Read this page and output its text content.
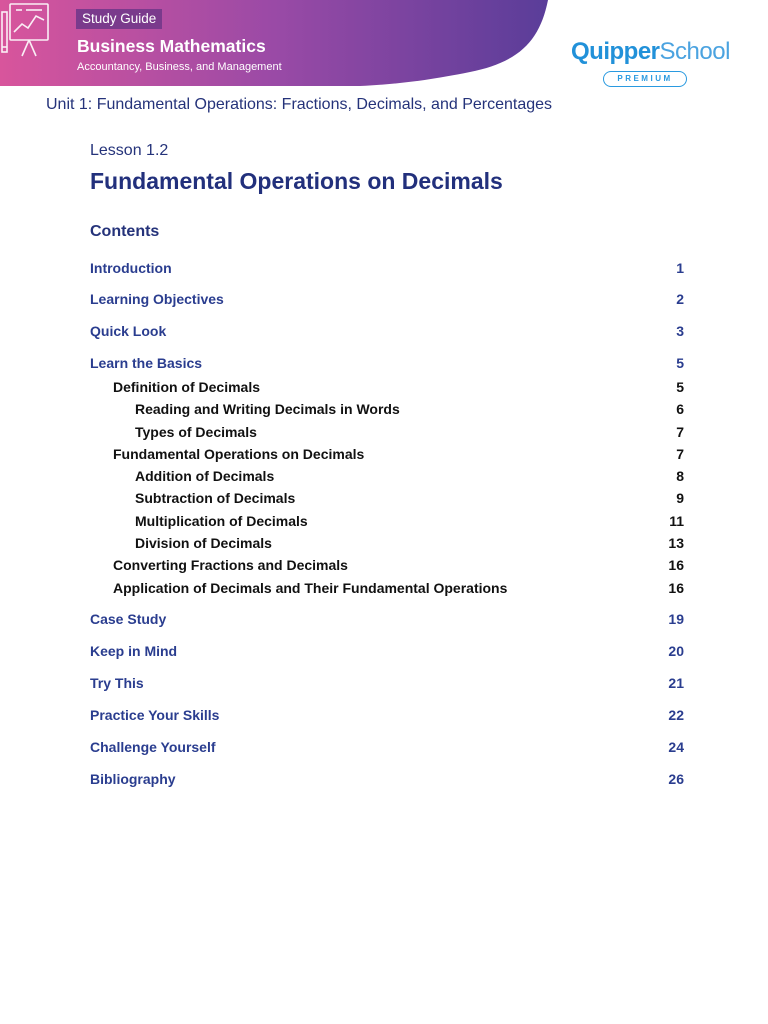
Study Guide
Business Mathematics
Accountancy, Business, and Management
QuipperSchool
PREMIUM
Unit 1: Fundamental Operations: Fractions, Decimals, and Percentages
Lesson 1.2
Fundamental Operations on Decimals
Contents
Introduction	1
Learning Objectives	2
Quick Look	3
Learn the Basics	5
Definition of Decimals	5
Reading and Writing Decimals in Words	6
Types of Decimals	7
Fundamental Operations on Decimals	7
Addition of Decimals	8
Subtraction of Decimals	9
Multiplication of Decimals	11
Division of Decimals	13
Converting Fractions and Decimals	16
Application of Decimals and Their Fundamental Operations	16
Case Study	19
Keep in Mind	20
Try This	21
Practice Your Skills	22
Challenge Yourself	24
Bibliography	26
